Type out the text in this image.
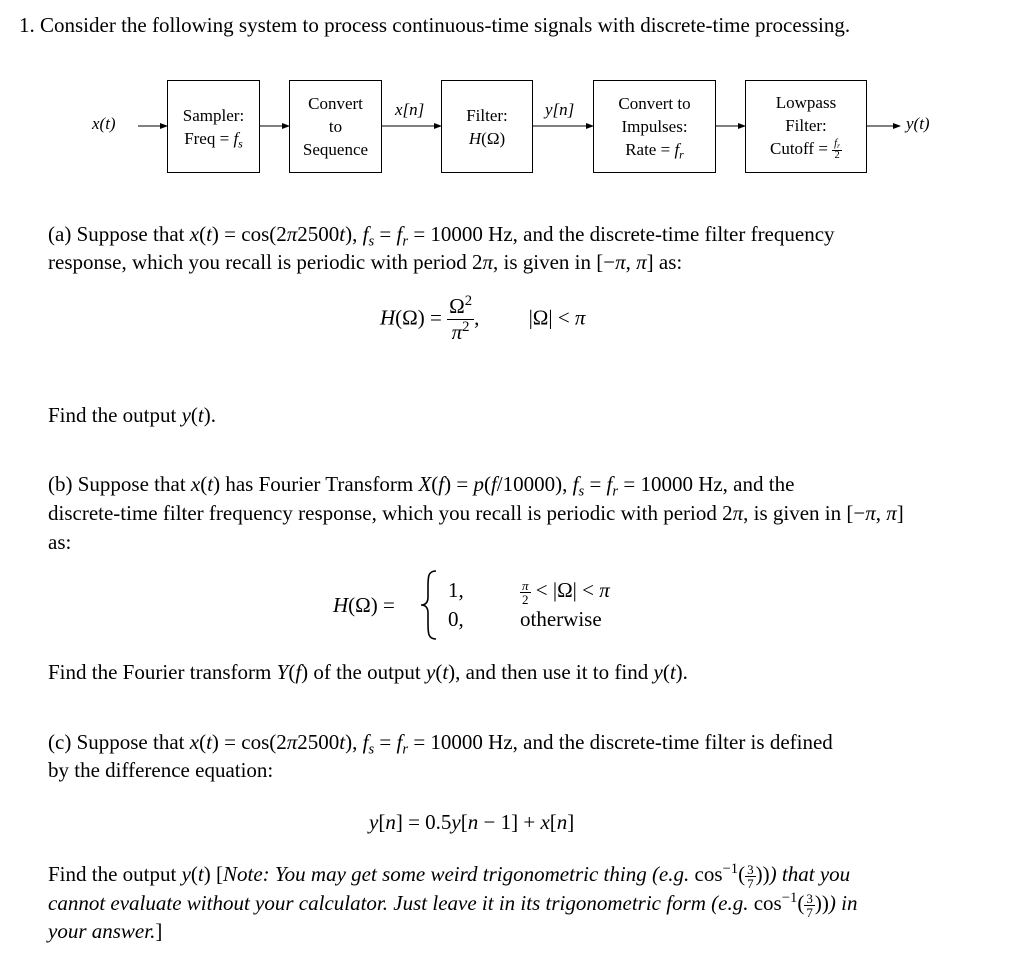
1. Consider the following system to process continuous-time signals with discrete-time processing.
x(t)	Sampler:
Freq = $f_s$
Convert
to
Sequence
x[n] Filter:
H(Ω)
y[n]	Convert to
Impulses:
Rate = $f_r$
Lowpass
Filter:
Cutoff = $\frac{f_r}{2}$
y(t)
(a) Suppose that x(t) = cos(2π2500t), $f_s = f_r = 10000$ Hz, and the discrete-time filter frequency
response, which you recall is periodic with period 2π, is given in [−π, π] as:
$H(\Omega) = \frac{\Omega^2}{\pi^2}$ , |Ω| < π
Find the output y(t).
(b) Suppose that x(t) has Fourier Transform X(f) = p(f/10000), $f_s = f_r = 10000$ Hz, and the
discrete-time filter frequency response, which you recall is periodic with period 2π, is given in [−π, π]
as:
H(Ω) =
1,	$\frac{\pi}{2} < |\Omega| < \pi$
0,	otherwise
Find the Fourier transform Y(f) of the output y(t), and then use it to find y(t).
(c) Suppose that x(t) = cos(2π2500t), $f_s = f_r = 10000$ Hz, and the discrete-time filter is defined
by the difference equation:
y[n] = 0.5y[n − 1] + x[n]
Find the output y(t) [Note: You may get some weird trigonometric thing (e.g. $\cos^{-1}( \frac{3}{7}$ ))) that you
cannot evaluate without your calculator. Just leave it in its trigonometric form (e.g. $\cos^{-1}( \frac{3}{7}$ ))) in
your answer.]
